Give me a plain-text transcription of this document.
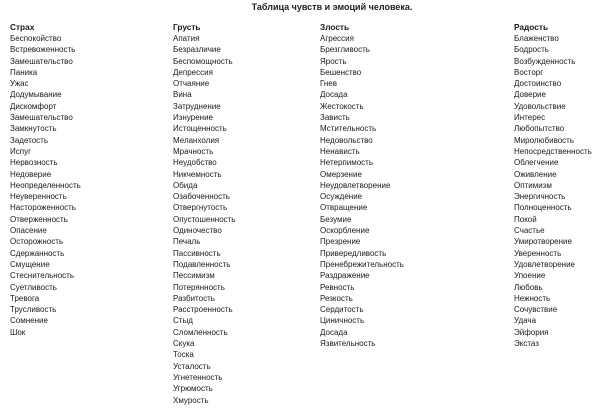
Таблица чувств и эмоций человека.
Страх
Беспокойство
Встревоженность
Замешательство
Паника
Ужас
Додумывание
Дискомфорт
Замешательство
Замкнутость
Задетость
Испуг
Нервозность
Недоверие
Неопределенность
Неуверенность
Настороженность
Отверженность
Опасение
Осторожность
Сдержанность
Смущение
Стеснительность
Суетливость
Тревога
Трусливость
Сомнение
Шок
Грусть
Апатия
Безразличие
Беспомощность
Депрессия
Отчаяние
Вина
Затруднение
Изнурение
Истощенность
Меланхолия
Мрачность
Неудобство
Никчемность
Обида
Озабоченность
Отвергнутость
Опустошенность
Одиночество
Печаль
Пассивность
Подавленность
Пессимизм
Потерянность
Разбитость
Расстроенность
Стыд
Сломленность
Скука
Тоска
Усталость
Угнетенность
Угрюмость
Хмурость
Злость
Агрессия
Брезгливость
Ярость
Бешенство
Гнев
Досада
Жестокость
Зависть
Мстительность
Недовольство
Ненависть
Нетерпимость
Омерзение
Неудовлетворение
Осуждение
Отвращение
Безумие
Оскорбление
Презрение
Привередливость
Пренебрежительность
Раздражение
Ревность
Резкость
Сердитость
Циничность
Досада
Язвительность
Радость
Блаженство
Бодрость
Возбужденность
Восторг
Достоинство
Доверие
Удовольствие
Интерес
Любопытство
Миролюбивость
Непосредственность
Облегчение
Оживление
Оптимизм
Энергичность
Полноценность
Покой
Счастье
Умиротворение
Уверенность
Удовлетворение
Упоение
Любовь
Нежность
Сочувствие
Удача
Эйфория
Экстаз
